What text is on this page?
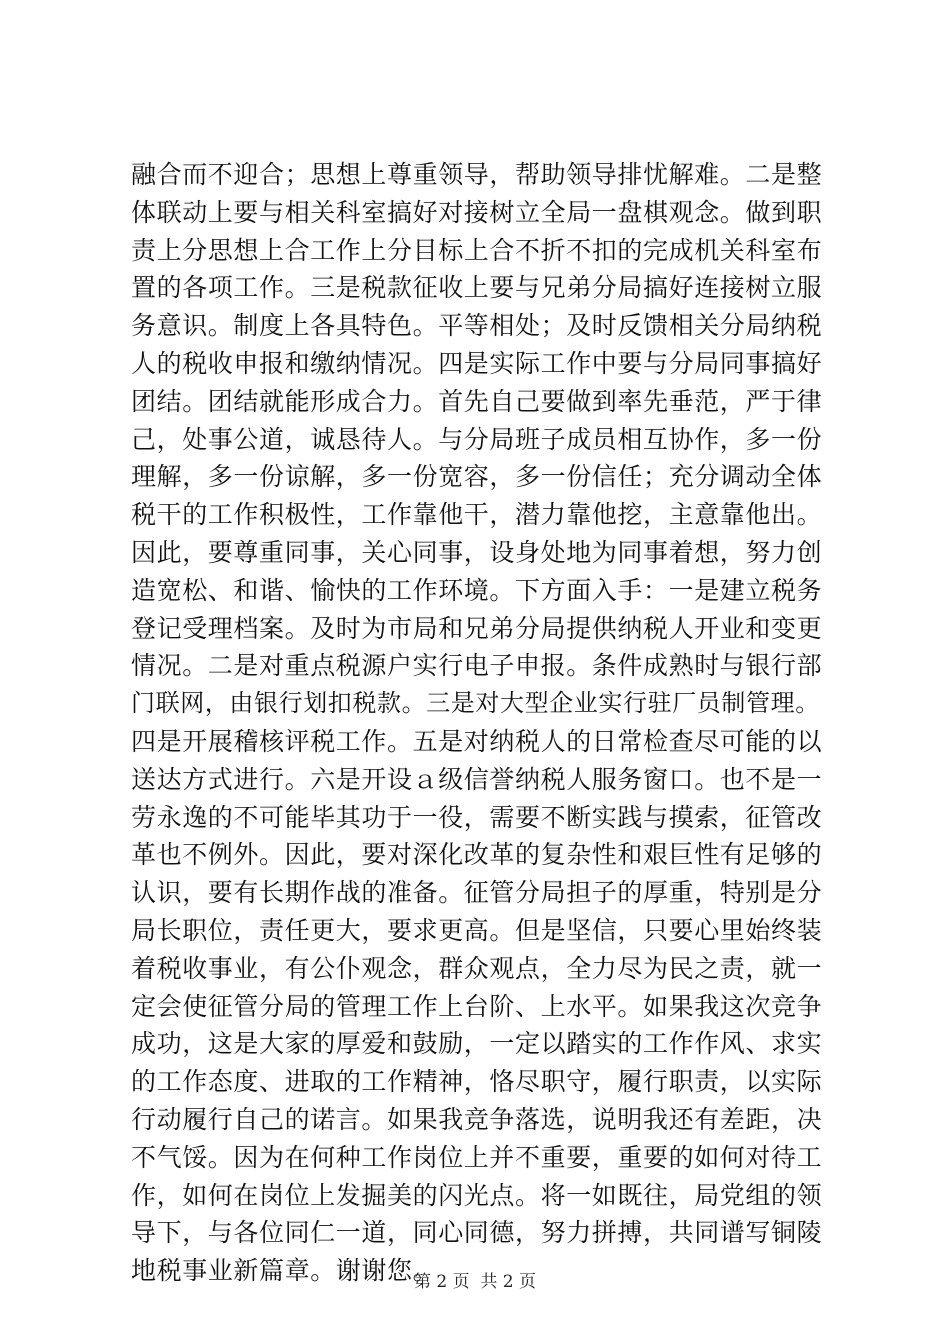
融合而不迎合；思想上尊重领导，帮助领导排忧解难。二是整
体联动上要与相关科室搞好对接树立全局一盘棋观念。做到职
责上分思想上合工作上分目标上合不折不扣的完成机关科室布
置的各项工作。三是税款征收上要与兄弟分局搞好连接树立服
务意识。制度上各具特色。平等相处；及时反馈相关分局纳税
人的税收申报和缴纳情况。四是实际工作中要与分局同事搞好
团结。团结就能形成合力。首先自己要做到率先垂范，严于律
己，处事公道，诚恳待人。与分局班子成员相互协作，多一份
理解，多一份谅解，多一份宽容，多一份信任；充分调动全体
税干的工作积极性，工作靠他干，潜力靠他挖，主意靠他出。
因此，要尊重同事，关心同事，设身处地为同事着想，努力创
造宽松、和谐、愉快的工作环境。下方面入手：一是建立税务
登记受理档案。及时为市局和兄弟分局提供纳税人开业和变更
情况。二是对重点税源户实行电子申报。条件成熟时与银行部
门联网，由银行划扣税款。三是对大型企业实行驻厂员制管理。
四是开展稽核评税工作。五是对纳税人的日常检查尽可能的以
送达方式进行。六是开设ａ级信誉纳税人服务窗口。也不是一
劳永逸的不可能毕其功于一役，需要不断实践与摸索，征管改
革也不例外。因此，要对深化改革的复杂性和艰巨性有足够的
认识，要有长期作战的准备。征管分局担子的厚重，特别是分
局长职位，责任更大，要求更高。但是坚信，只要心里始终装
着税收事业，有公仆观念，群众观点，全力尽为民之责，就一
定会使征管分局的管理工作上台阶、上水平。如果我这次竞争
成功，这是大家的厚爱和鼓励，一定以踏实的工作作风、求实
的工作态度、进取的工作精神，恪尽职守，履行职责，以实际
行动履行自己的诺言。如果我竞争落选，说明我还有差距，决
不气馁。因为在何种工作岗位上并不重要，重要的如何对待工
作，如何在岗位上发掘美的闪光点。将一如既往，局党组的领
导下，与各位同仁一道，同心同德，努力拼搏，共同谱写铜陵
地税事业新篇章。谢谢您。
第 2 页 共 2 页
